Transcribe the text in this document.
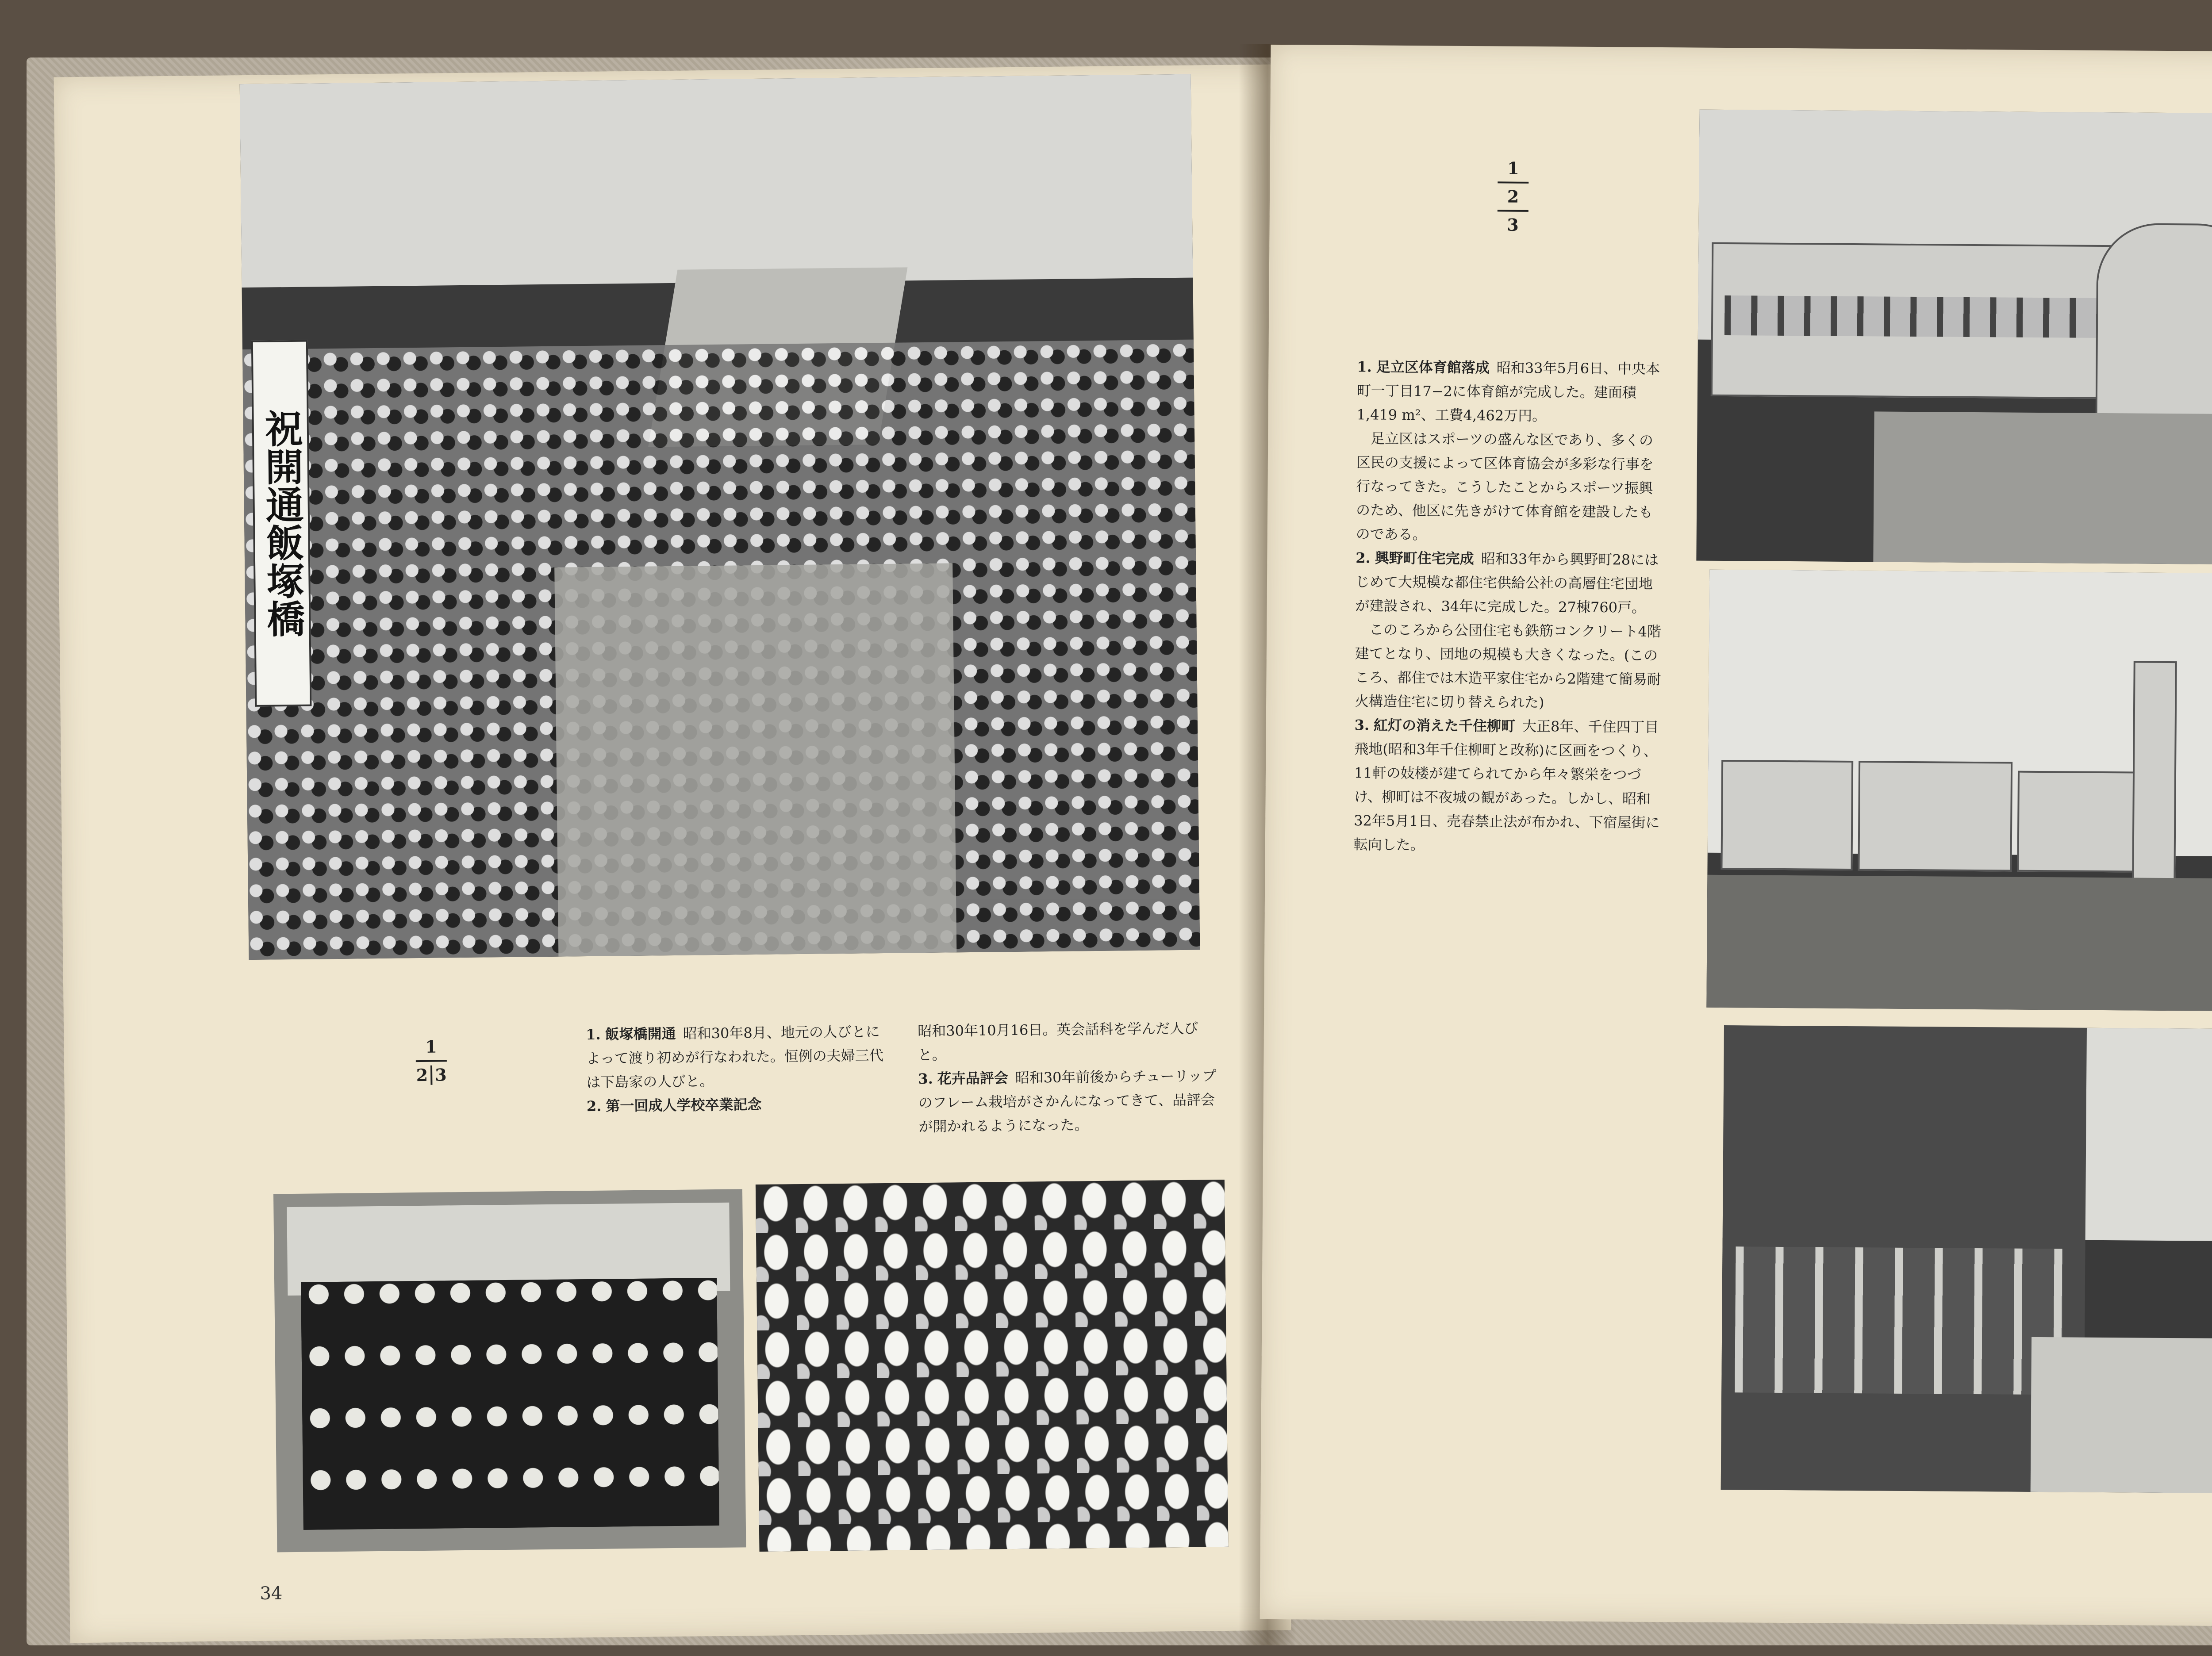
祝開通飯塚橋
1
2 3

1. 飯塚橋開通 昭和30年8月、地元の人びとによって渡り初めが行なわれた。恒例の夫婦三代は下島家の人びと。

2. 第一回成人学校卒業記念

昭和30年10月16日。英会話科を学んだ人びと。

3. 花卉品評会 昭和30年前後からチューリップのフレーム栽培がさかんになってきて、品評会が開かれるようになった。

34
1
2
3

1. 足立区体育館落成 昭和33年5月6日、中央本町一丁目17−2に体育館が完成した。建面積1,419 m²、工費4,462万円。

足立区はスポーツの盛んな区であり、多くの区民の支援によって区体育協会が多彩な行事を行なってきた。こうしたことからスポーツ振興のため、他区に先きがけて体育館を建設したものである。

2. 興野町住宅完成 昭和33年から興野町28にはじめて大規模な都住宅供給公社の高層住宅団地が建設され、34年に完成した。27棟760戸。

このころから公団住宅も鉄筋コンクリート4階建てとなり、団地の規模も大きくなった。(このころ、都住では木造平家住宅から2階建て簡易耐火構造住宅に切り替えられた)

3. 紅灯の消えた千住柳町 大正8年、千住四丁目飛地(昭和3年千住柳町と改称)に区画をつくり、11軒の妓楼が建てられてから年々繁栄をつづけ、柳町は不夜城の観があった。しかし、昭和32年5月1日、売春禁止法が布かれ、下宿屋街に転向した。
